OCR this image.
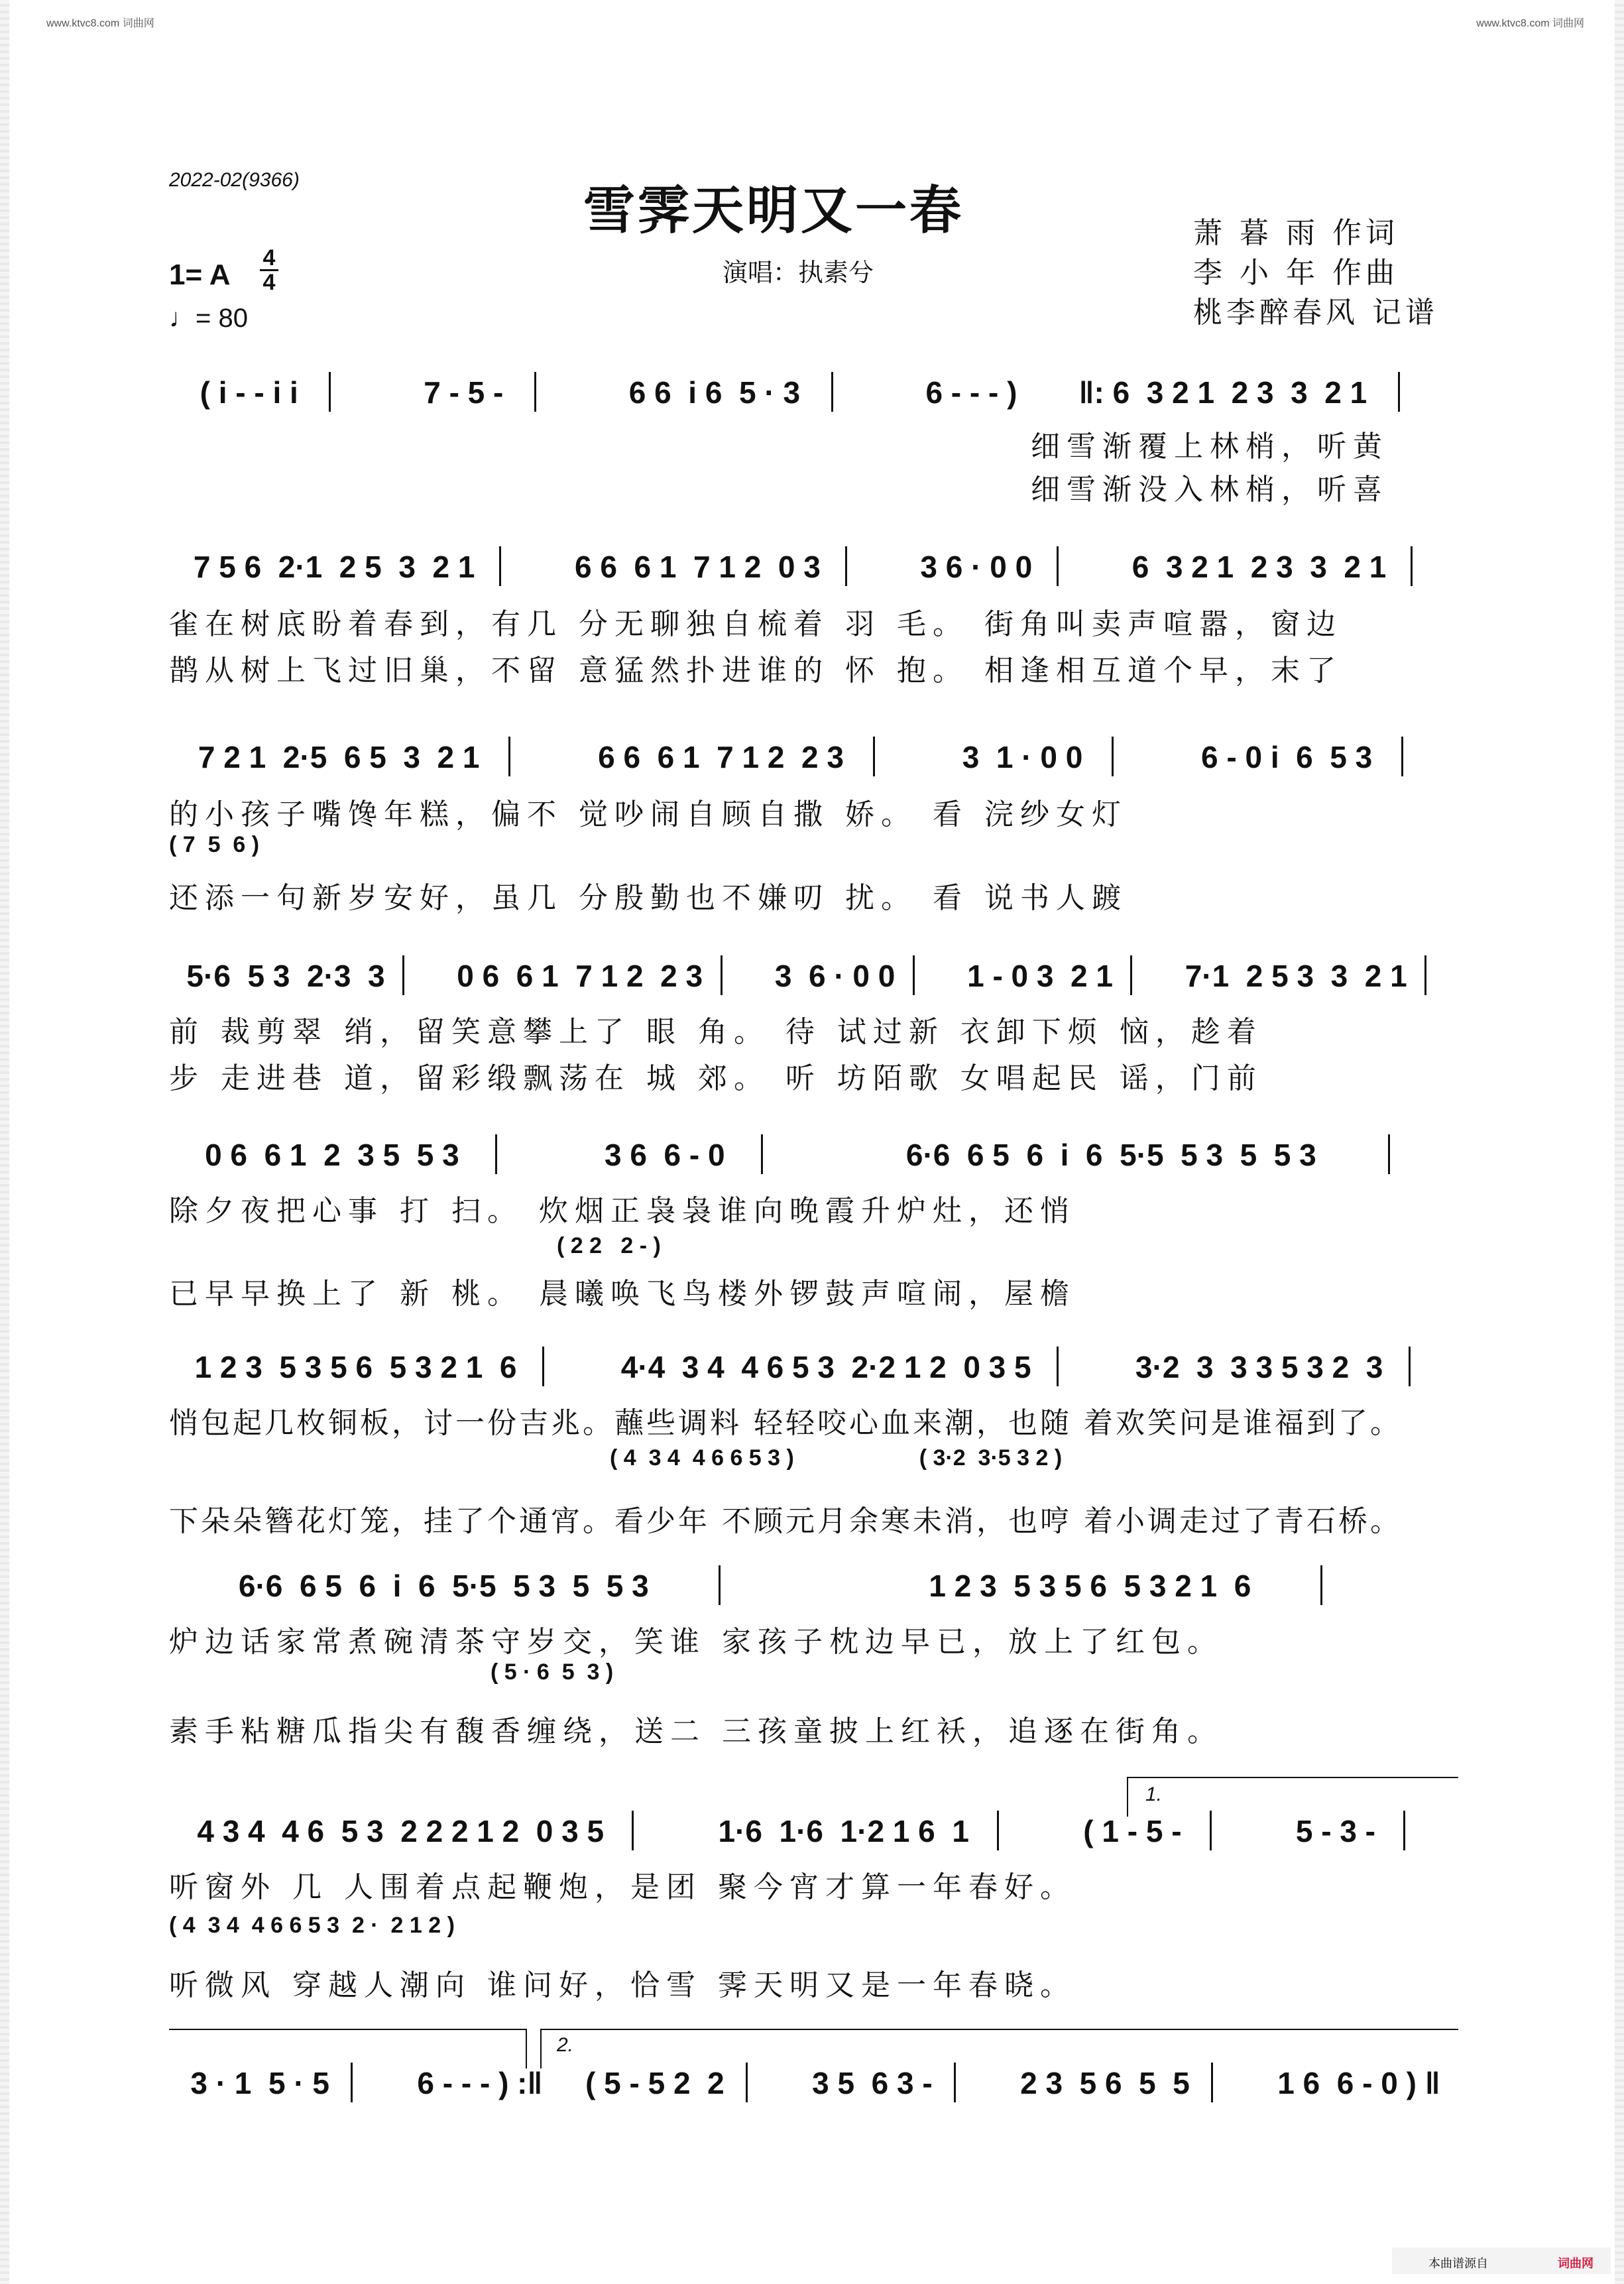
www.ktvc8.com 词曲网	www.ktvc8.com 词曲网
2022-02(9366)
雪霁天明又一春
演唱：执素兮
萧 暮 雨 作词
李 小 年 作曲
桃李醉春风 记谱
1= A
4
4
♩= 80
( i - - i i	7 - 5 -	6 6  i 6  5 · 3	6 - - - )	‖: 6  3 2 1  2 3  3  2 1
细雪渐覆上林梢，听黄
细雪渐没入林梢，听喜
7 5 6  2·1  2 5  3  2 1	6 6  6 1  7 1 2  0 3	3 6 · 0 0	6  3 2 1  2 3  3  2 1
雀在树底盼着春到，有几 分无聊独自梳着 羽 毛。 街角叫卖声喧嚣，窗边
鹊从树上飞过旧巢，不留 意猛然扑进谁的 怀 抱。 相逢相互道个早，末了
7 2 1  2·5  6 5  3  2 1	6 6  6 1  7 1 2  2 3	3  1 · 0 0	6 - 0 i  6  5 3
的小孩子嘴馋年糕，偏不 觉吵闹自顾自撒 娇。 看 浣纱女灯
( 7  5  6 )
还添一句新岁安好，虽几 分殷勤也不嫌叨 扰。 看 说书人踱
5·6  5 3  2·3  3	0 6  6 1  7 1 2  2 3	3  6 · 0 0	1 - 0 3  2 1	7·1  2 5 3  3  2 1
前 裁剪翠 绡，留笑意攀上了 眼 角。 待 试过新 衣卸下烦 恼，趁着
步 走进巷 道，留彩缎飘荡在 城 郊。 听 坊陌歌 女唱起民 谣，门前
0 6  6 1  2  3 5  5 3	3 6  6 - 0	6·6  6 5  6  i  6  5·5  5 3  5  5 3
除夕夜把心事 打 扫。 炊烟正袅袅谁向晚霞升炉灶，还悄
( 2 2   2 - )
已早早换上了 新 桃。 晨曦唤飞鸟楼外锣鼓声喧闹，屋檐
1 2 3  5 3 5 6  5 3 2 1  6	4·4  3 4  4 6 5 3  2·2 1 2  0 3 5	3·2  3  3 3 5 3 2  3
悄包起几枚铜板，讨一份吉兆。蘸些调料 轻轻咬心血来潮，也随 着欢笑问是谁福到了。
( 4  3 4  4 6 6 5 3 )                    ( 3·2  3·5 3 2 )
下朵朵簪花灯笼，挂了个通宵。看少年 不顾元月余寒未消，也哼 着小调走过了青石桥。
6·6  6 5  6  i  6  5·5  5 3  5  5 3	1 2 3  5 3 5 6  5 3 2 1  6
炉边话家常煮碗清茶守岁交，笑谁 家孩子枕边早已，放上了红包。
( 5 · 6  5  3 )
素手粘糖瓜指尖有馥香缠绕，送二 三孩童披上红袄，追逐在街角。
1.
4 3 4  4 6  5 3  2 2 2 1 2  0 3 5	1·6  1·6  1·2 1 6  1	( 1 - 5 -	5 - 3 -
听窗外 几 人围着点起鞭炮，是团 聚今宵才算一年春好。
( 4  3 4  4 6 6 5 3  2 ·  2 1 2 )
听微风 穿越人潮向 谁问好，恰雪 霁天明又是一年春晓。
2.
3 · 1  5 · 5	6 - - - ) :‖	( 5 - 5 2  2	3 5  6 3 -	2 3  5 6  5  5	1 6  6 - 0 ) ‖
本曲谱源自	词曲网
